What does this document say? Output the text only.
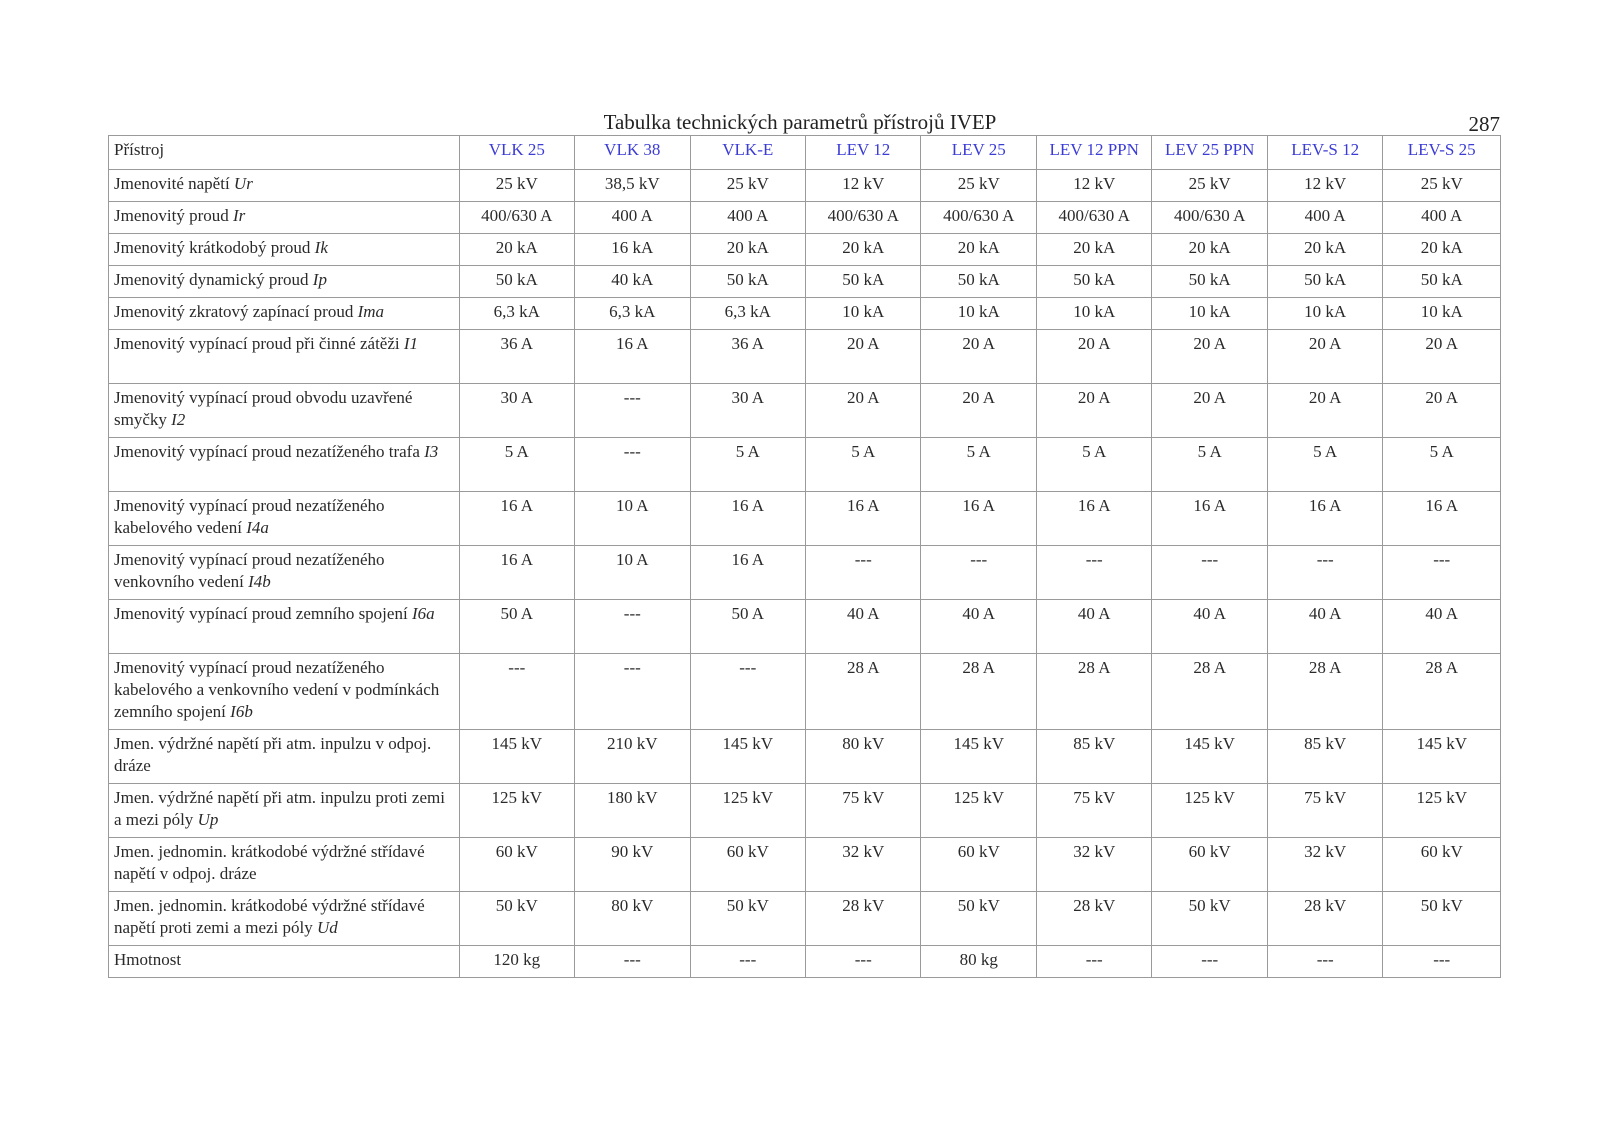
Tabulka technických parametrů přístrojů IVEP	287
Přístroj	VLK 25	VLK 38	VLK-E	LEV 12	LEV 25	LEV 12 PPN	LEV 25 PPN	LEV-S 12	LEV-S 25
Jmenovité napětí Ur	25 kV	38,5 kV	25 kV	12 kV	25 kV	12 kV	25 kV	12 kV	25 kV
Jmenovitý proud Ir	400/630 A	400 A	400 A	400/630 A	400/630 A	400/630 A	400/630 A	400 A	400 A
Jmenovitý krátkodobý proud Ik	20 kA	16 kA	20 kA	20 kA	20 kA	20 kA	20 kA	20 kA	20 kA
Jmenovitý dynamický proud Ip	50 kA	40 kA	50 kA	50 kA	50 kA	50 kA	50 kA	50 kA	50 kA
Jmenovitý zkratový zapínací proud Ima	6,3 kA	6,3 kA	6,3 kA	10 kA	10 kA	10 kA	10 kA	10 kA	10 kA
Jmenovitý vypínací proud při činné zátěži I1	36 A	16 A	36 A	20 A	20 A	20 A	20 A	20 A	20 A
Jmenovitý vypínací proud obvodu uzavřené smyčky I2	30 A	---	30 A	20 A	20 A	20 A	20 A	20 A	20 A
Jmenovitý vypínací proud nezatíženého trafa I3	5 A	---	5 A	5 A	5 A	5 A	5 A	5 A	5 A
Jmenovitý vypínací proud nezatíženého kabelového vedení I4a	16 A	10 A	16 A	16 A	16 A	16 A	16 A	16 A	16 A
Jmenovitý vypínací proud nezatíženého venkovního vedení I4b	16 A	10 A	16 A	---	---	---	---	---	---
Jmenovitý vypínací proud zemního spojení I6a	50 A	---	50 A	40 A	40 A	40 A	40 A	40 A	40 A
Jmenovitý vypínací proud nezatíženého kabelového a venkovního vedení v podmínkách zemního spojení I6b	---	---	---	28 A	28 A	28 A	28 A	28 A	28 A
Jmen. výdržné napětí při atm. inpulzu v odpoj. dráze	145 kV	210 kV	145 kV	80 kV	145 kV	85 kV	145 kV	85 kV	145 kV
Jmen. výdržné napětí při atm. inpulzu proti zemi a mezi póly Up	125 kV	180 kV	125 kV	75 kV	125 kV	75 kV	125 kV	75 kV	125 kV
Jmen. jednomin. krátkodobé výdržné střídavé napětí v odpoj. dráze	60 kV	90 kV	60 kV	32 kV	60 kV	32 kV	60 kV	32 kV	60 kV
Jmen. jednomin. krátkodobé výdržné střídavé napětí proti zemi a mezi póly Ud	50 kV	80 kV	50 kV	28 kV	50 kV	28 kV	50 kV	28 kV	50 kV
Hmotnost	120 kg	---	---	---	80 kg	---	---	---	---
